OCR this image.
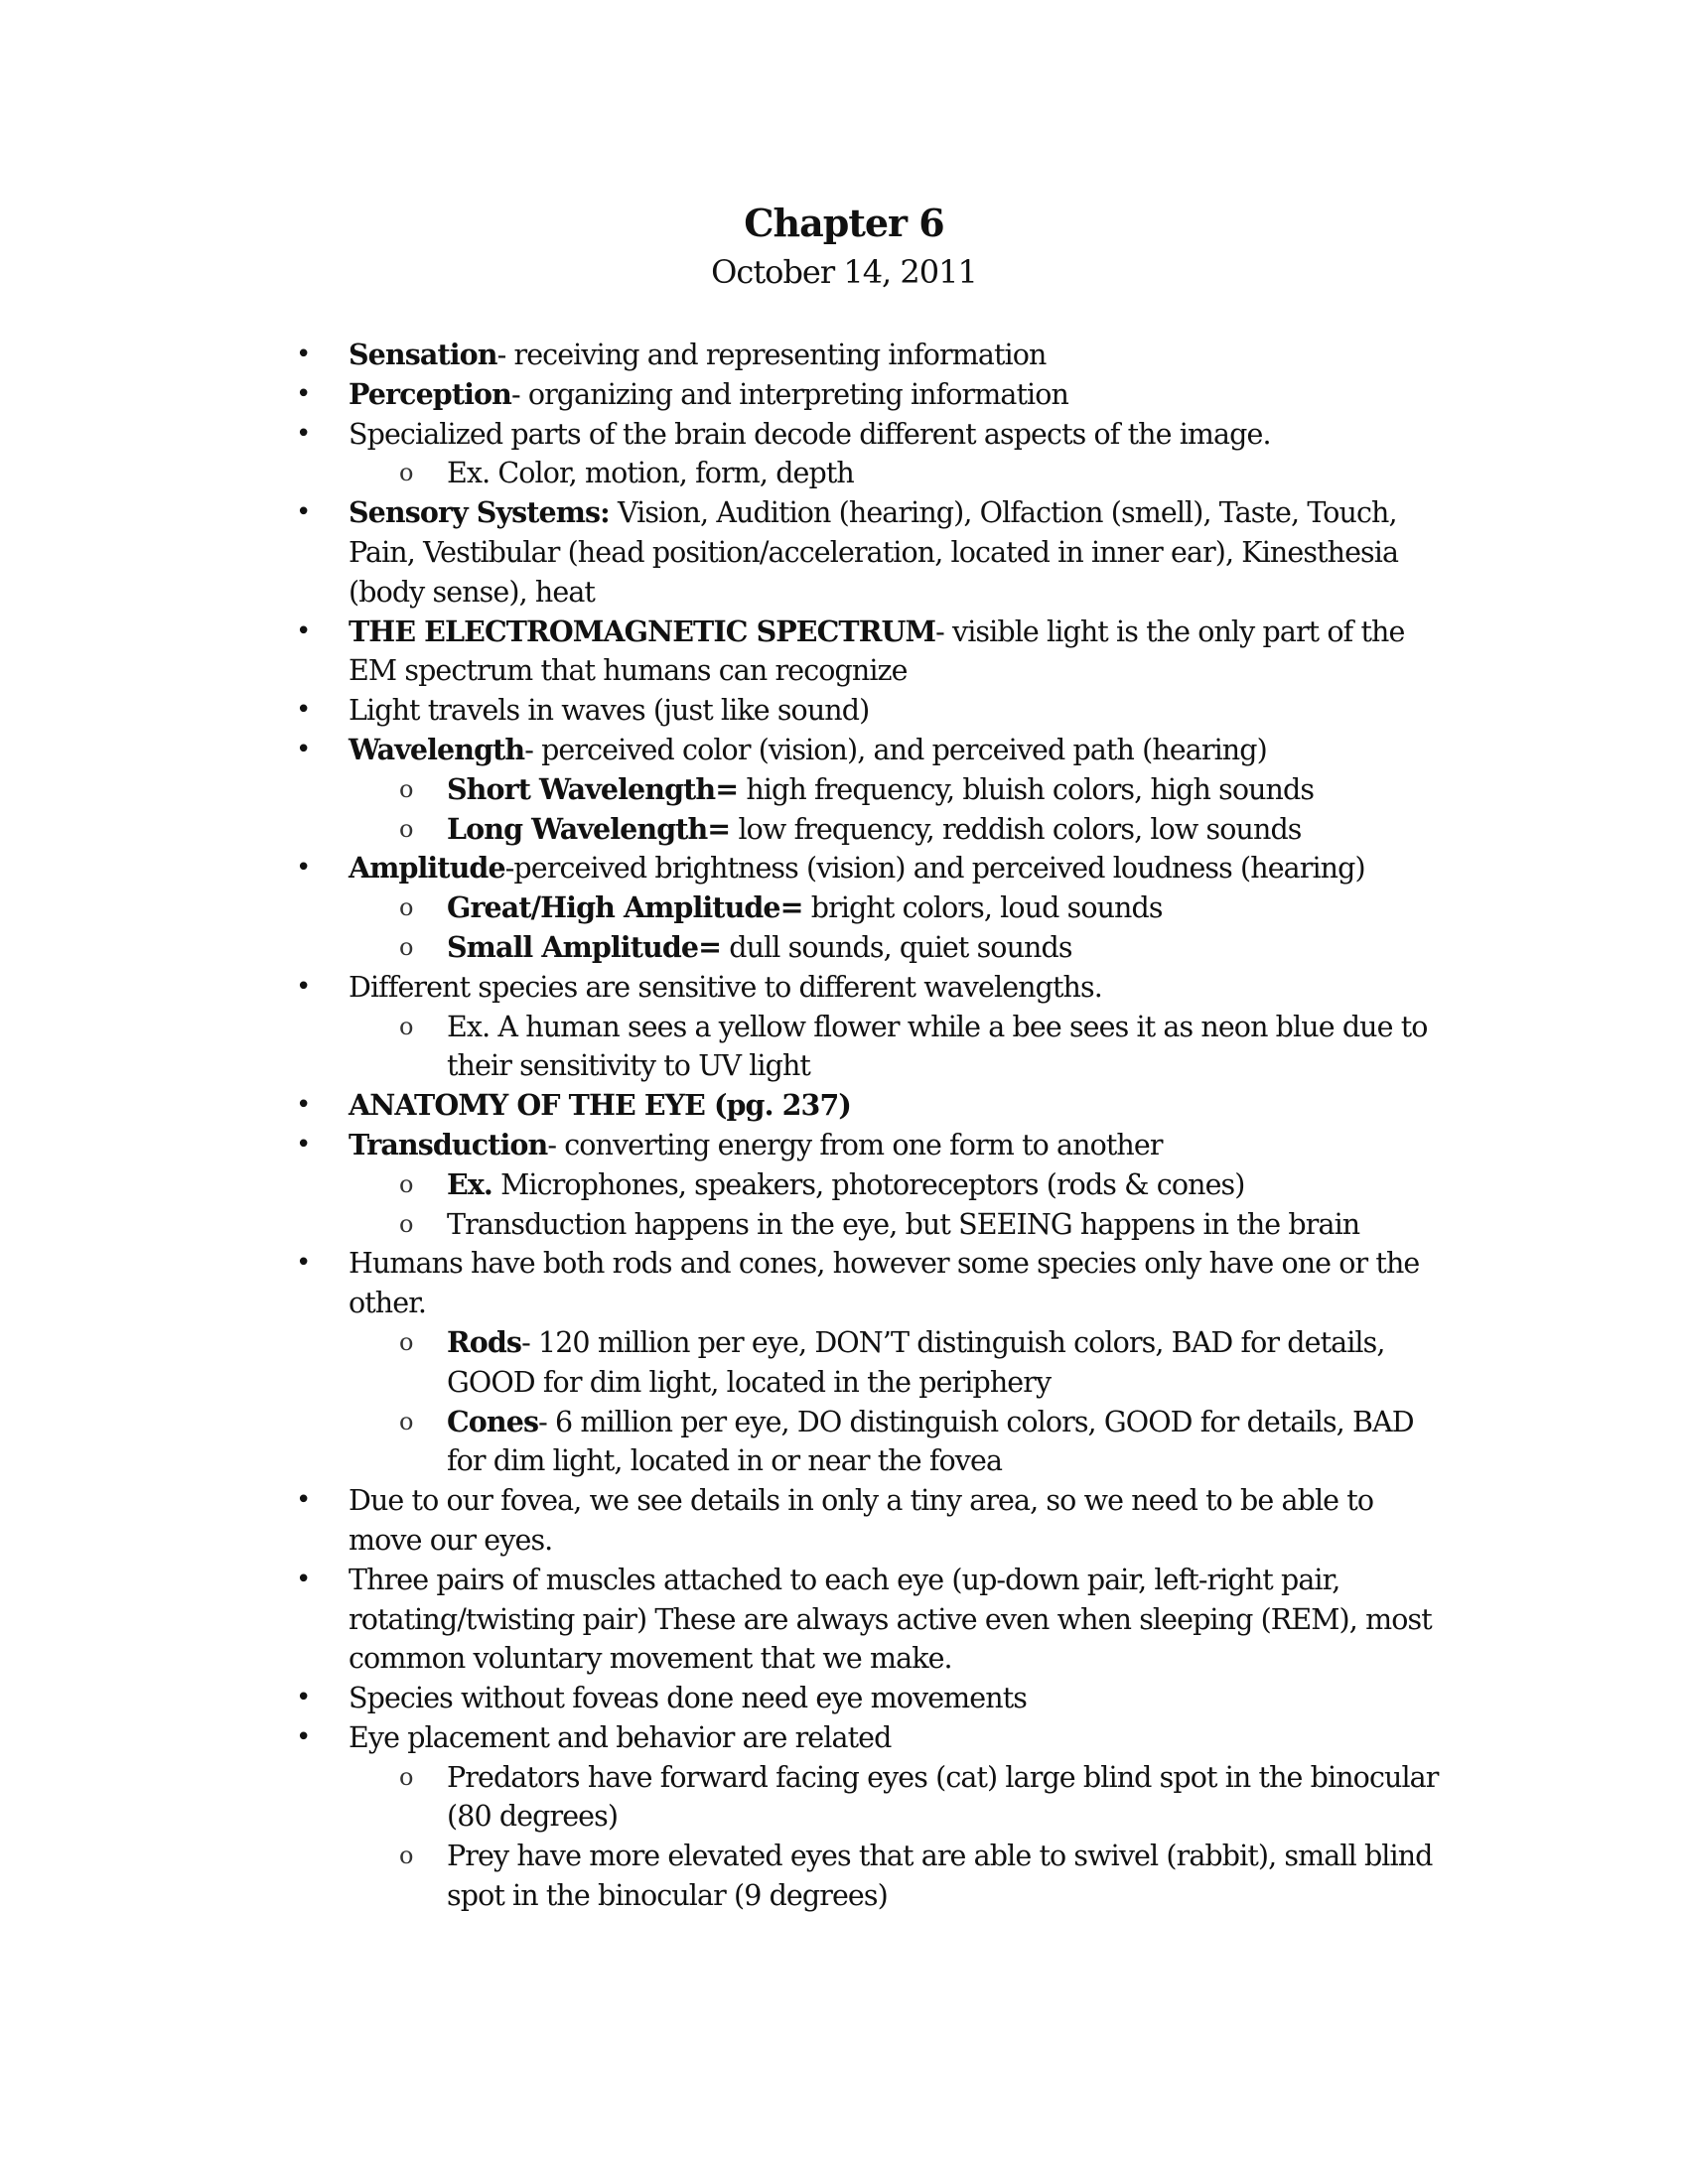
Chapter 6
October 14, 2011
• Sensation- receiving and representing information
• Perception- organizing and interpreting information
• Specialized parts of the brain decode different aspects of the image.
o Ex. Color, motion, form, depth
• Sensory Systems: Vision, Audition (hearing), Olfaction (smell), Taste, Touch, Pain, Vestibular (head position/acceleration, located in inner ear), Kinesthesia (body sense), heat
• THE ELECTROMAGNETIC SPECTRUM- visible light is the only part of the EM spectrum that humans can recognize
• Light travels in waves (just like sound)
• Wavelength- perceived color (vision), and perceived path (hearing)
o Short Wavelength= high frequency, bluish colors, high sounds
o Long Wavelength= low frequency, reddish colors, low sounds
• Amplitude-perceived brightness (vision) and perceived loudness (hearing)
o Great/High Amplitude= bright colors, loud sounds
o Small Amplitude= dull sounds, quiet sounds
• Different species are sensitive to different wavelengths.
o Ex. A human sees a yellow flower while a bee sees it as neon blue due to their sensitivity to UV light
• ANATOMY OF THE EYE (pg. 237)
• Transduction- converting energy from one form to another
o Ex. Microphones, speakers, photoreceptors (rods & cones)
o Transduction happens in the eye, but SEEING happens in the brain
• Humans have both rods and cones, however some species only have one or the other.
o Rods- 120 million per eye, DON’T distinguish colors, BAD for details, GOOD for dim light, located in the periphery
o Cones- 6 million per eye, DO distinguish colors, GOOD for details, BAD for dim light, located in or near the fovea
• Due to our fovea, we see details in only a tiny area, so we need to be able to move our eyes.
• Three pairs of muscles attached to each eye (up-down pair, left-right pair, rotating/twisting pair) These are always active even when sleeping (REM), most common voluntary movement that we make.
• Species without foveas done need eye movements
• Eye placement and behavior are related
o Predators have forward facing eyes (cat) large blind spot in the binocular (80 degrees)
o Prey have more elevated eyes that are able to swivel (rabbit), small blind spot in the binocular (9 degrees)
